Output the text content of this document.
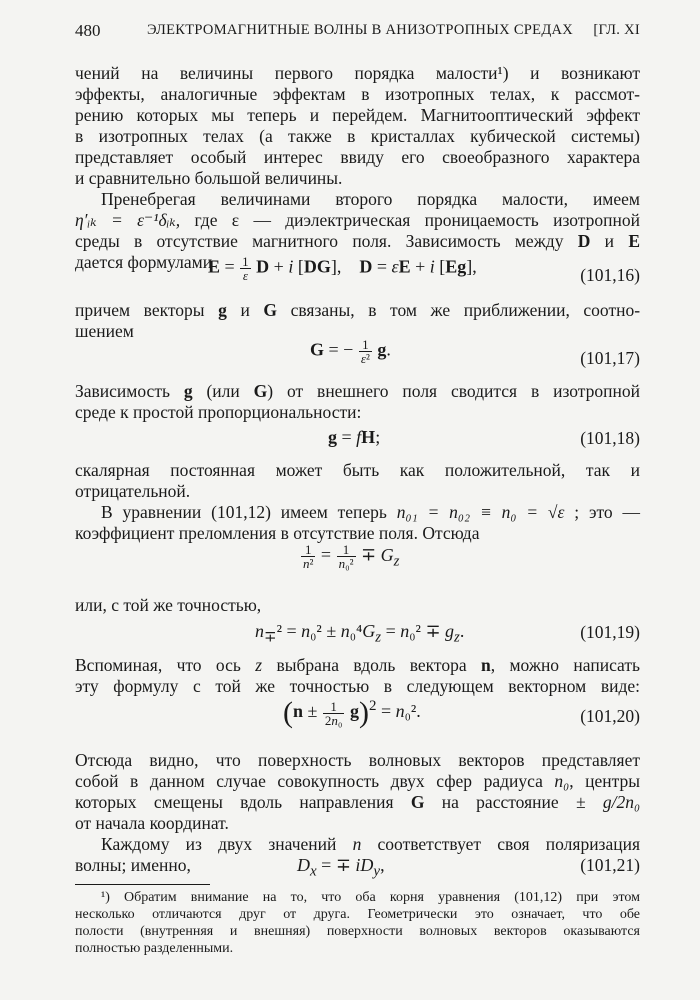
480	ЭЛЕКТРОМАГНИТНЫЕ ВОЛНЫ В АНИЗОТРОПНЫХ СРЕДАХ [ГЛ. XI
чений на величины первого порядка малости¹) и возникают
эффекты, аналогичные эффектам в изотропных телах, к рассмот-
рению которых мы теперь и перейдем. Магнитооптический эффект
в изотропных телах (а также в кристаллах кубической системы)
представляет особый интерес ввиду его своеобразного характера
и сравнительно большой величины.
Пренебрегая величинами второго порядка малости, имеем
η′ᵢₖ = ε⁻¹δᵢₖ, где ε — диэлектрическая проницаемость изотропной
среды в отсутствие магнитного поля. Зависимость между D и E
дается формулами
$E = \frac{1}{\varepsilon}$ D + i [DG],    D = εE + i [Eg],	(101,16)
причем векторы g и G связаны, в том же приближении, соотно-
шением
G = − $\frac{1}{\text{ε²}} g$.	(101,17)
Зависимость g (или G) от внешнего поля сводится в изотропной
среде к простой пропорциональности:
g = fH;	(101,18)
скалярная постоянная может быть как положительной, так и
отрицательной.
В уравнении (101,12) имеем теперь n₀₁ = n₀₂ ≡ n₀ = √ε ; это —
коэффициент преломления в отсутствие поля. Отсюда
$\frac{1}{\text{n²}} = \frac{1}{\text{n₀²}} \mp G_z$
или, с той же точностью,
$n_\mp^2 = n_0^2 \pm n_0^4G_z = n_0^2 \mp g_z$.	(101,19)
Вспоминая, что ось z выбрана вдоль вектора n, можно написать
эту формулу с той же точностью в следующем векторном виде:
$(n \pm \frac{1}{\text{2n₀}} g)^2 = n_0^2$.	(101,20)
Отсюда видно, что поверхность волновых векторов представляет
собой в данном случае совокупность двух сфер радиуса n₀, центры
которых смещены вдоль направления G на расстояние ± g/2n₀
от начала координат.
Каждому из двух значений n соответствует своя поляризация
волны; именно,	$D_x$ = ∓ $iD_y$,	(101,21)
¹) Обратим внимание на то, что оба корня уравнения (101,12) при этом
несколько отличаются друг от друга. Геометрически это означает, что обе
полости (внутренняя и внешняя) поверхности волновых векторов оказываются
полностью разделенными.
